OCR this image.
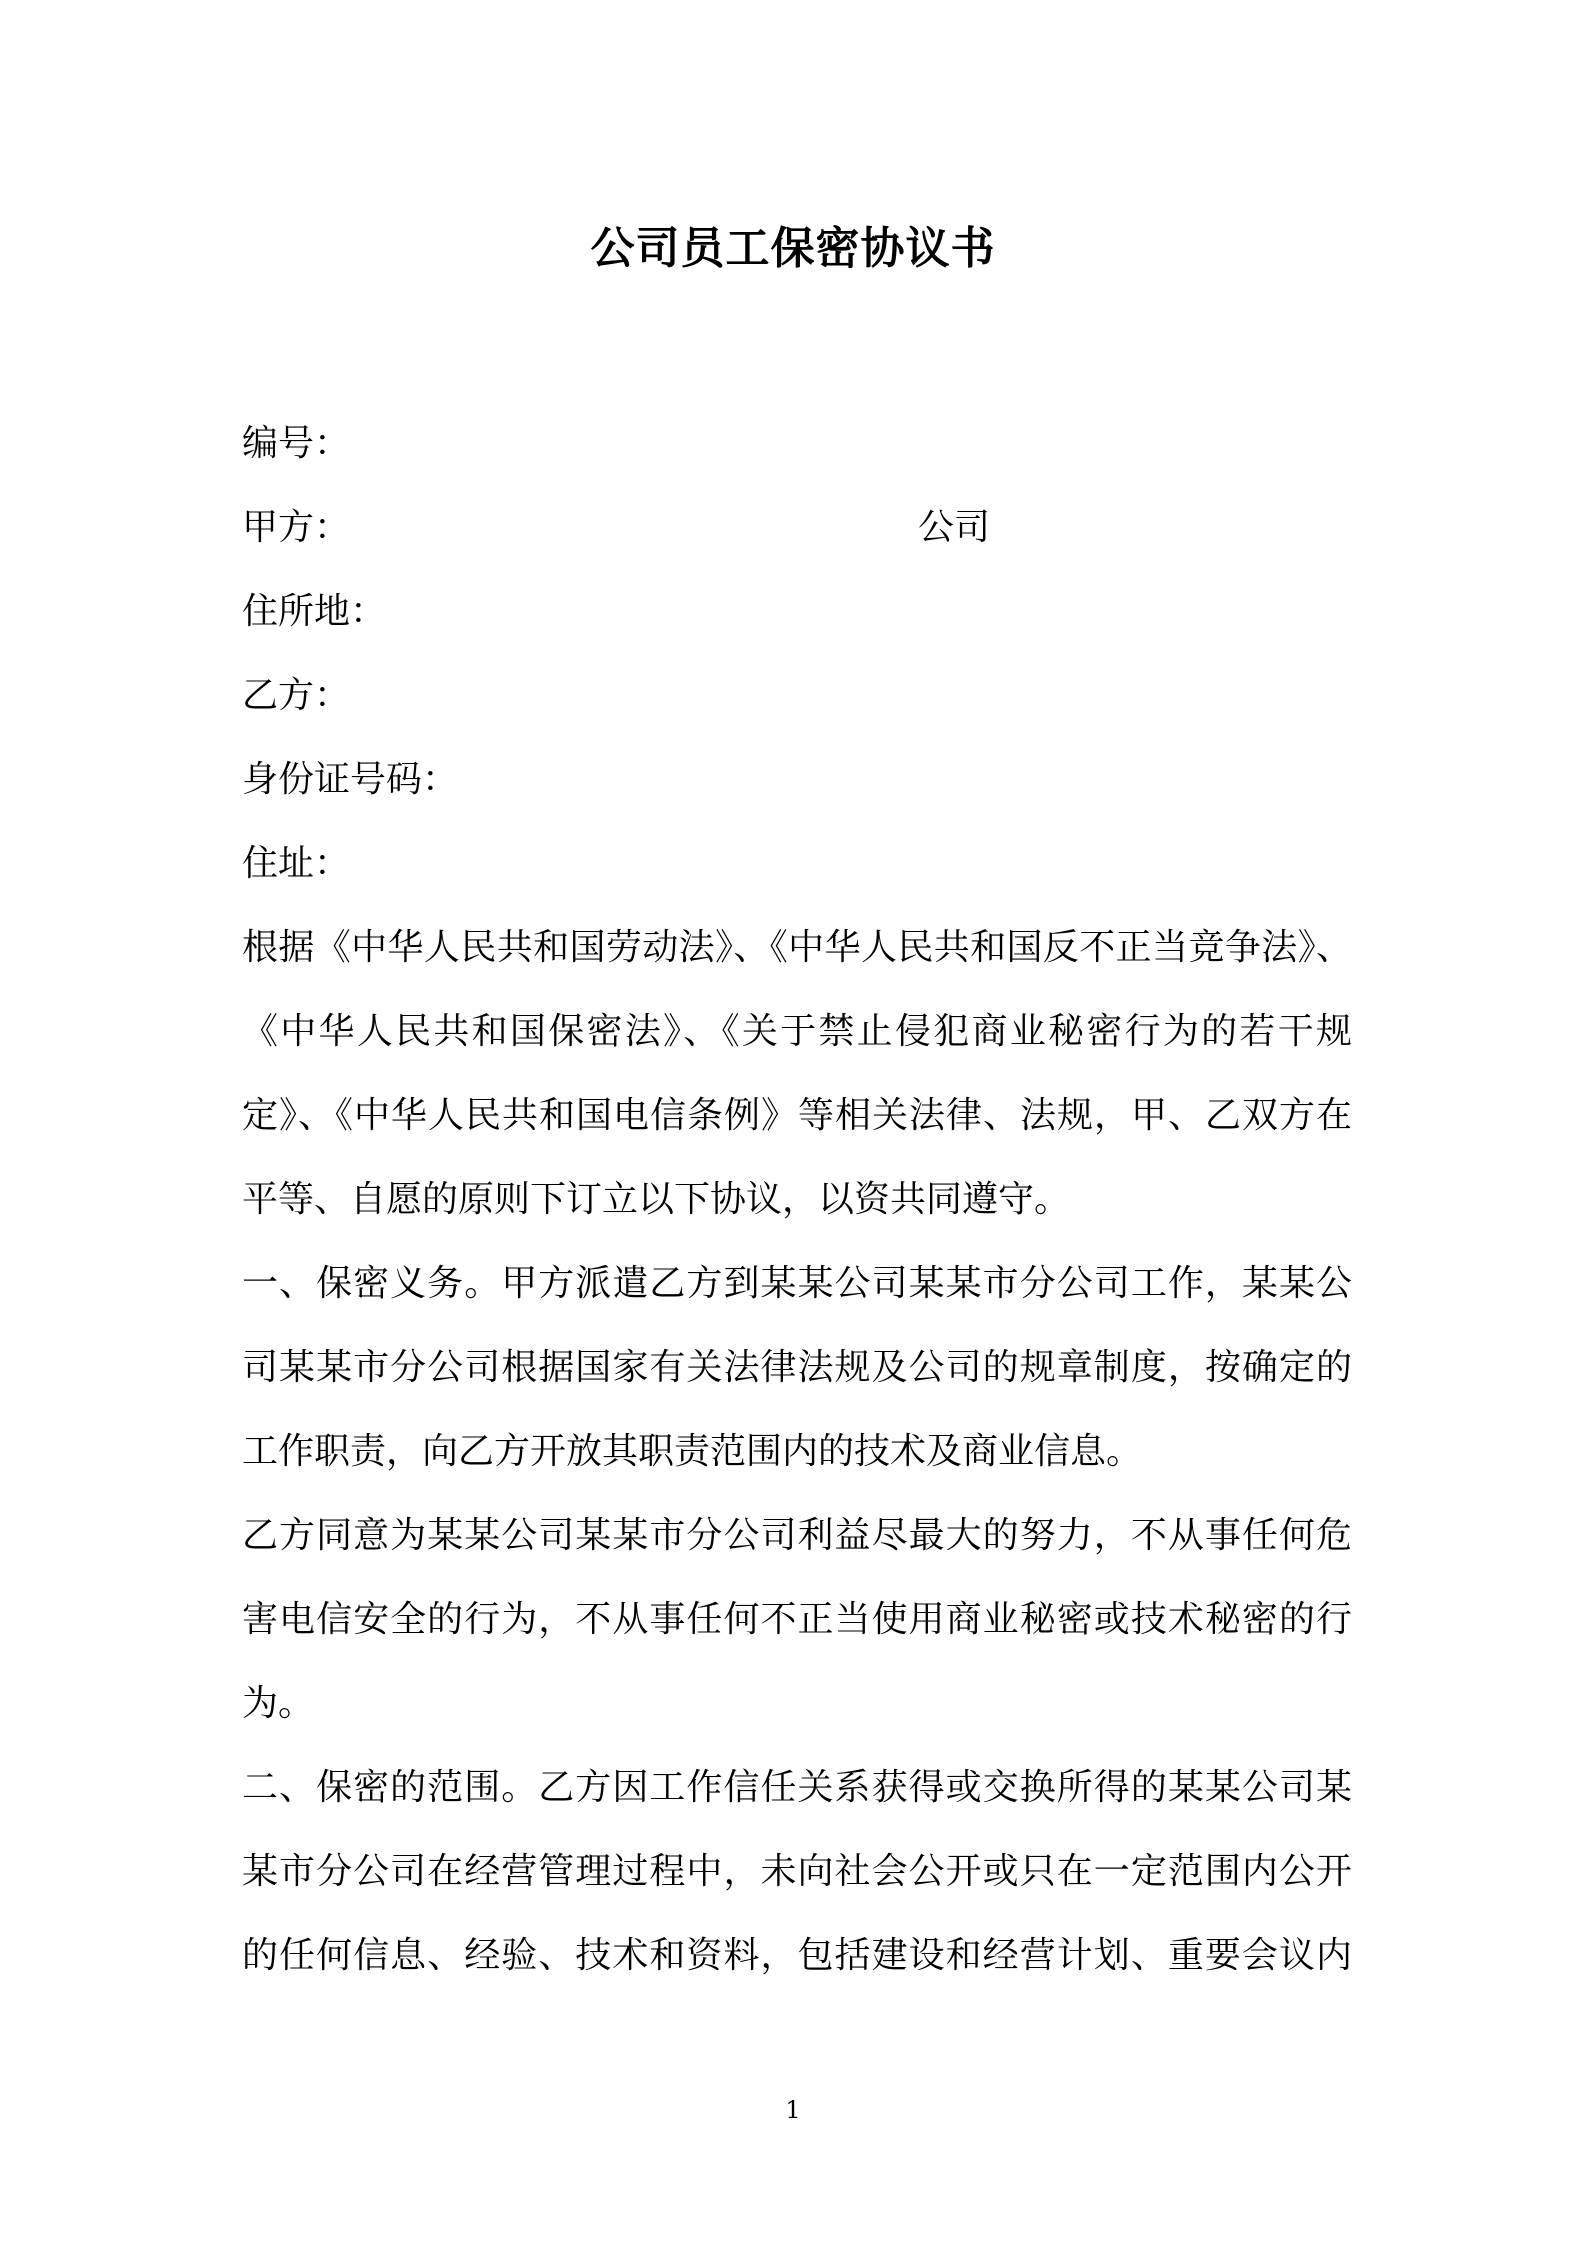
公司员工保密协议书
编号：
甲方：	公司
住所地：
乙方：
身份证号码：
住址：
根据《中华人民共和国劳动法》、《中华人民共和国反不正当竞争法》、
《中华人民共和国保密法》、《关于禁止侵犯商业秘密行为的若干规
定》、《中华人民共和国电信条例》等相关法律、法规，甲、乙双方在
平等、自愿的原则下订立以下协议，以资共同遵守。
一、保密义务。甲方派遣乙方到某某公司某某市分公司工作，某某公
司某某市分公司根据国家有关法律法规及公司的规章制度，按确定的
工作职责，向乙方开放其职责范围内的技术及商业信息。
乙方同意为某某公司某某市分公司利益尽最大的努力，不从事任何危
害电信安全的行为，不从事任何不正当使用商业秘密或技术秘密的行
为。
二、保密的范围。乙方因工作信任关系获得或交换所得的某某公司某
某市分公司在经营管理过程中，未向社会公开或只在一定范围内公开
的任何信息、经验、技术和资料，包括建设和经营计划、重要会议内
1
